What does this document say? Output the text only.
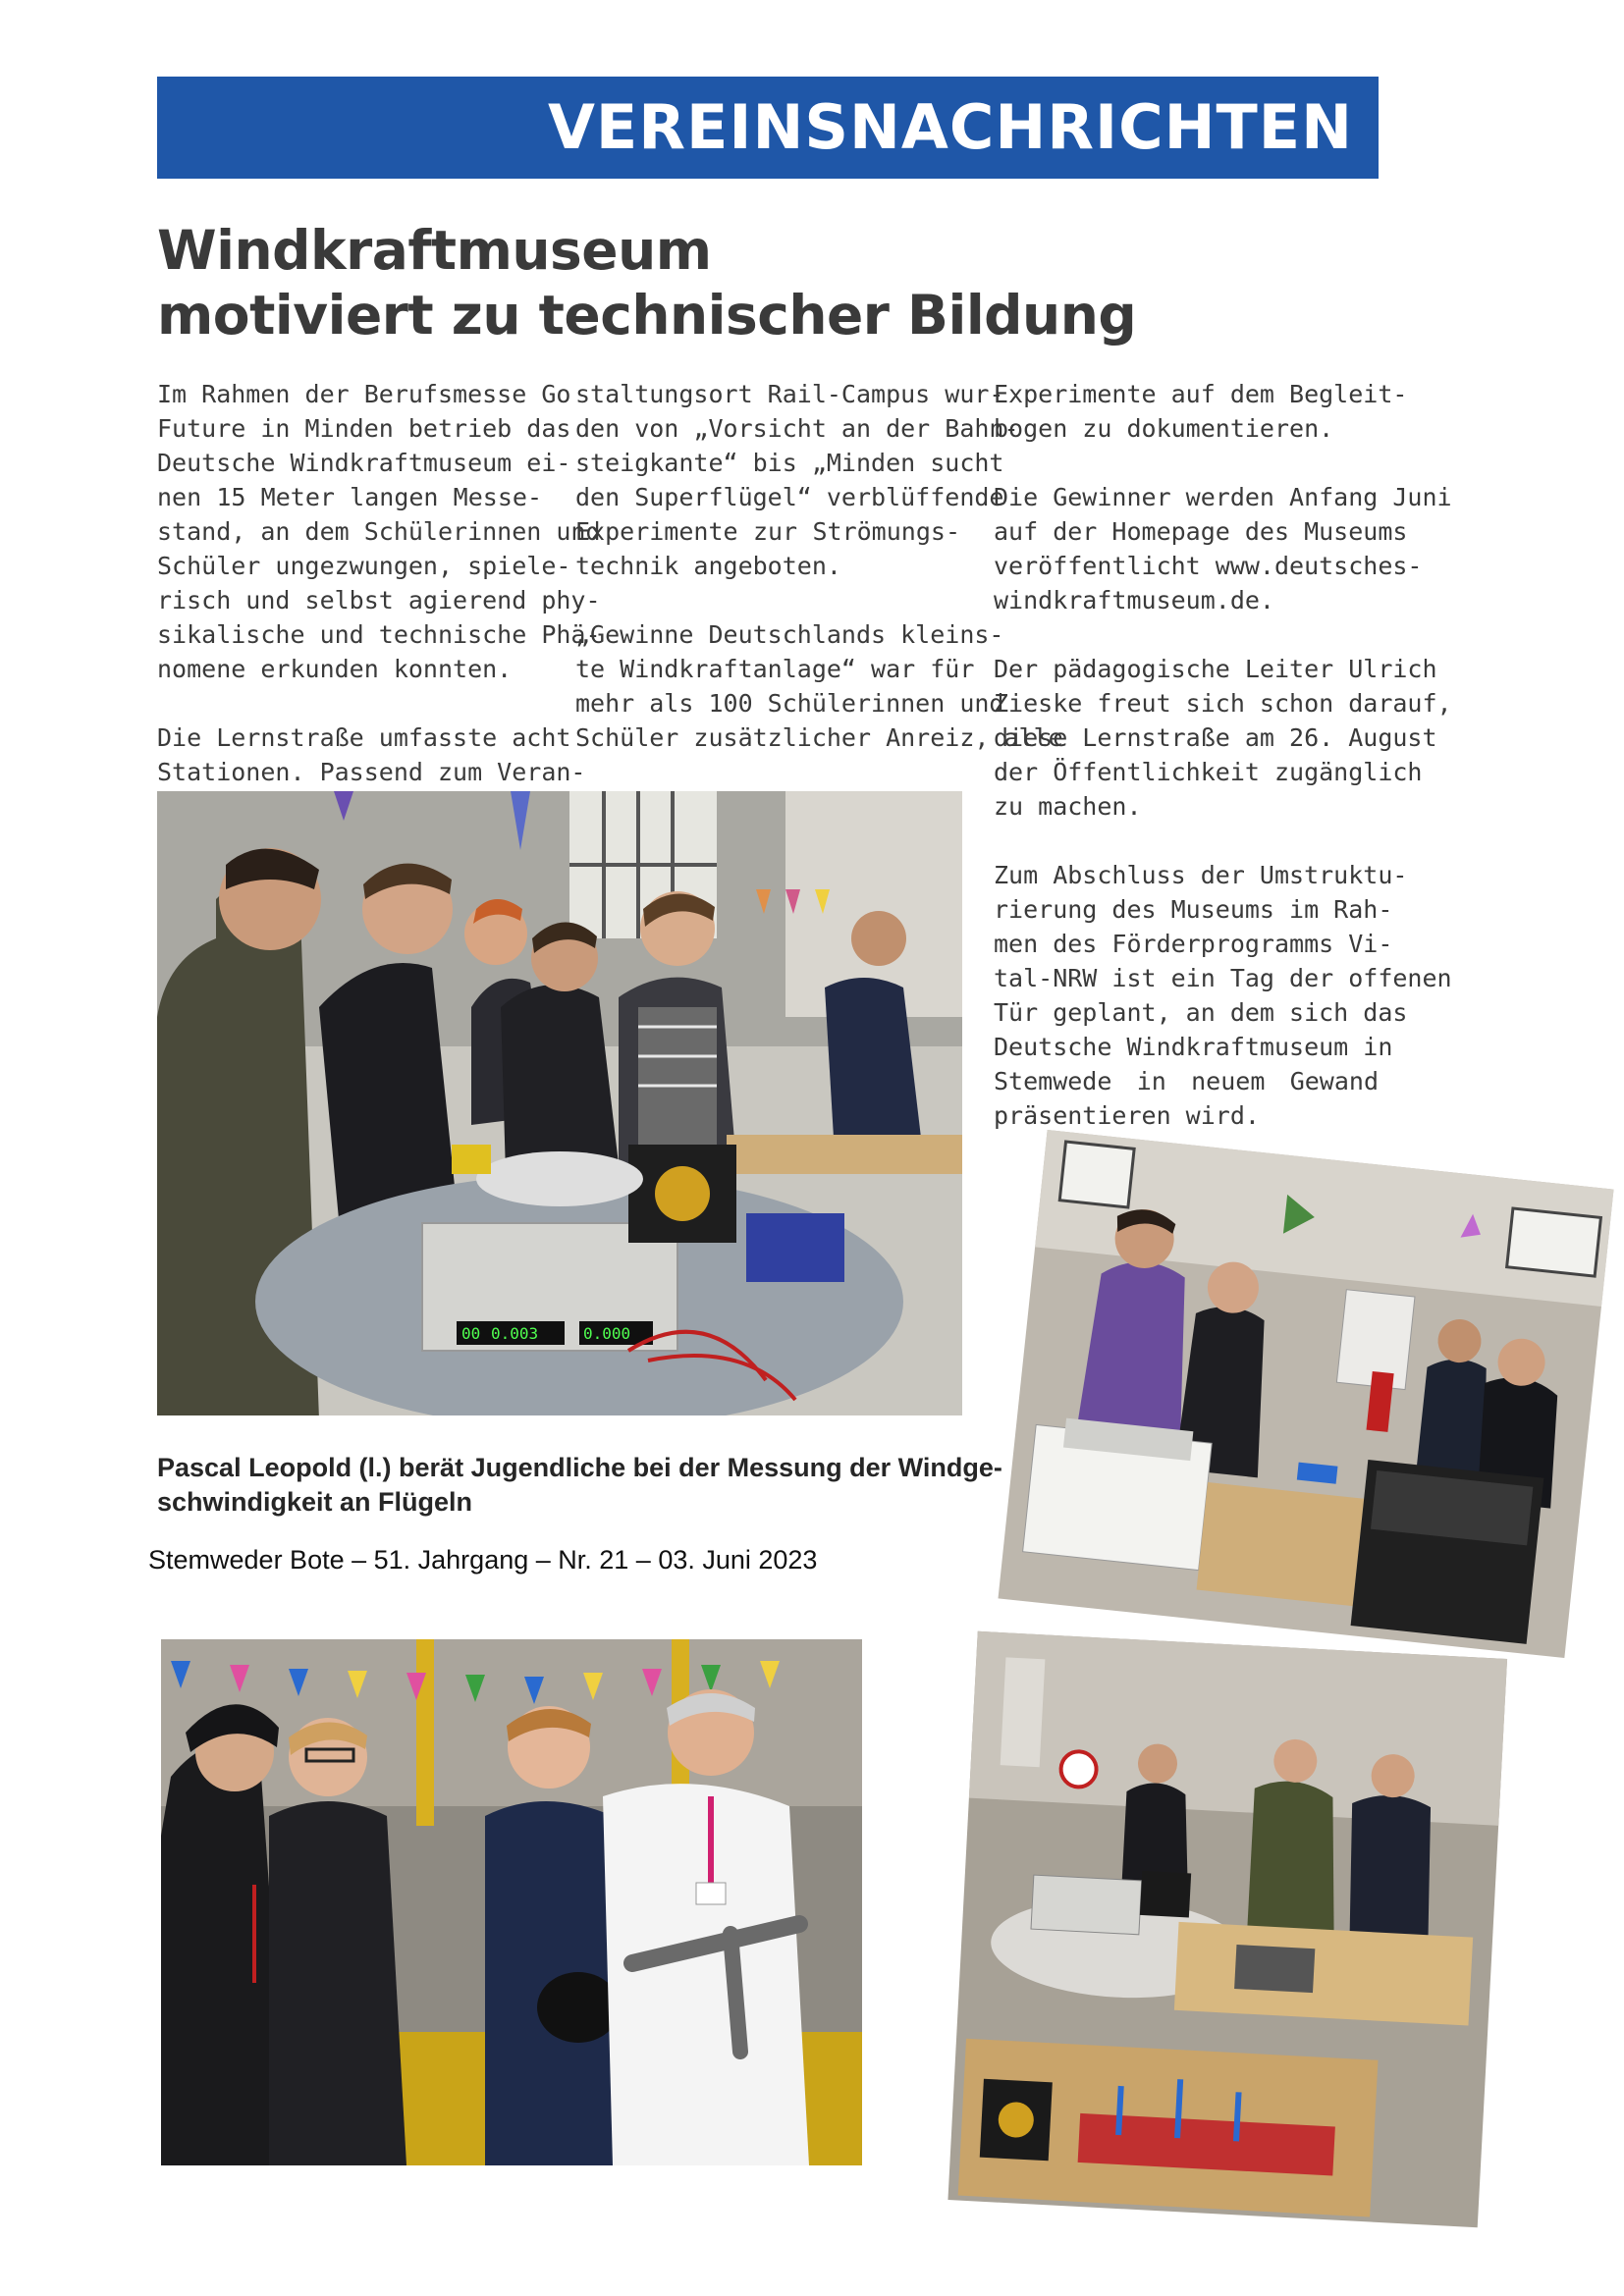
VEREINSNACHRICHTEN
Windkraftmuseum
motiviert zu technischer Bildung

Im Rahmen der Berufsmesse Go
Future in Minden betrieb das
Deutsche Windkraftmuseum ei-
nen 15 Meter langen Messe-
stand, an dem Schülerinnen und
Schüler ungezwungen, spiele-
risch und selbst agierend phy-
sikalische und technische Phä-
nomene erkunden konnten.

Die Lernstraße umfasste acht
Stationen. Passend zum Veran-

staltungsort Rail-Campus wur-
den von „Vorsicht an der Bahn-
steigkante“ bis „Minden sucht
den Superflügel“ verblüffende
Experimente zur Strömungs-
technik angeboten.

„Gewinne Deutschlands kleins-
te Windkraftanlage“ war für
mehr als 100 Schülerinnen und
Schüler zusätzlicher Anreiz, alle

Experimente auf dem Begleit-
bogen zu dokumentieren.

Die Gewinner werden Anfang Juni
auf der Homepage des Museums
veröffentlicht www.deutsches-
windkraftmuseum.de.

Der pädagogische Leiter Ulrich
Zieske freut sich schon darauf,
diese Lernstraße am 26. August
der Öffentlichkeit zugänglich
zu machen.

Zum Abschluss der Umstruktu-
rierung des Museums im Rah-
men des Förderprogramms Vi-
tal-NRW ist ein Tag der offenen
Tür geplant, an dem sich das
Deutsche Windkraftmuseum in
Stemwede in neuem Gewand
präsentieren wird.

00 0.003	0.000
Pascal Leopold (l.) berät Jugendliche bei der Messung der Windge-
schwindigkeit an Flügeln
Stemweder Bote – 51. Jahrgang – Nr. 21 – 03. Juni 2023
